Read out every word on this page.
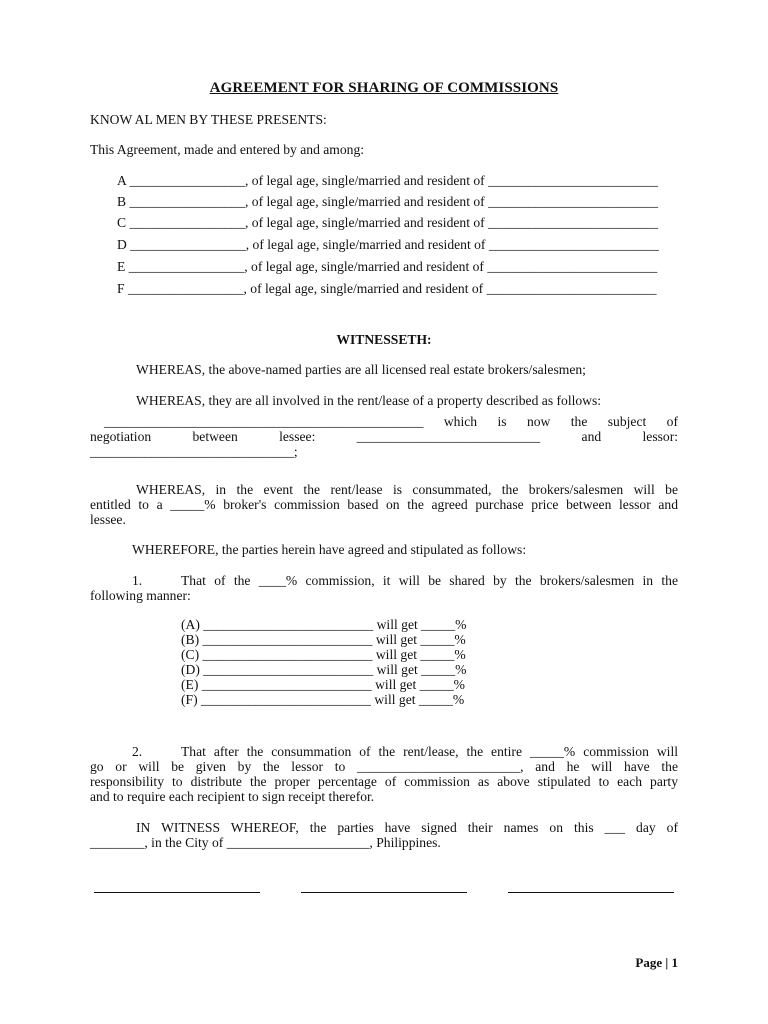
AGREEMENT FOR SHARING OF COMMISSIONS
KNOW AL MEN BY THESE PRESENTS:
This Agreement, made and entered by and among:
A _________________, of legal age, single/married and resident of _________________________
B _________________, of legal age, single/married and resident of _________________________
C _________________, of legal age, single/married and resident of _________________________
D _________________, of legal age, single/married and resident of _________________________
E _________________, of legal age, single/married and resident of _________________________
F _________________, of legal age, single/married and resident of _________________________
WITNESSETH:
WHEREAS, the above-named parties are all licensed real estate brokers/salesmen;
WHEREAS, they are all involved in the rent/lease of a property described as follows:
_______________________________________________ which is now the subject of
negotiation between lessee: ___________________________ and lessor:
______________________________;
WHEREAS, in the event the rent/lease is consummated, the brokers/salesmen will be
entitled to a _____% broker's commission based on the agreed purchase price between lessor and
lessee.
WHEREFORE, the parties herein have agreed and stipulated as follows:
1.	That of the ____% commission, it will be shared by the brokers/salesmen in the
following manner:
(A) _________________________ will get _____%
(B) _________________________ will get _____%
(C) _________________________ will get _____%
(D) _________________________ will get _____%
(E) _________________________ will get _____%
(F) _________________________ will get _____%
2.	That after the consummation of the rent/lease, the entire _____% commission will
go or will be given by the lessor to ________________________, and he will have the
responsibility to distribute the proper percentage of commission as above stipulated to each party
and to require each recipient to sign receipt therefor.
IN WITNESS WHEREOF, the parties have signed their names on this ___ day of
________, in the City of _____________________, Philippines.
Page | 1
